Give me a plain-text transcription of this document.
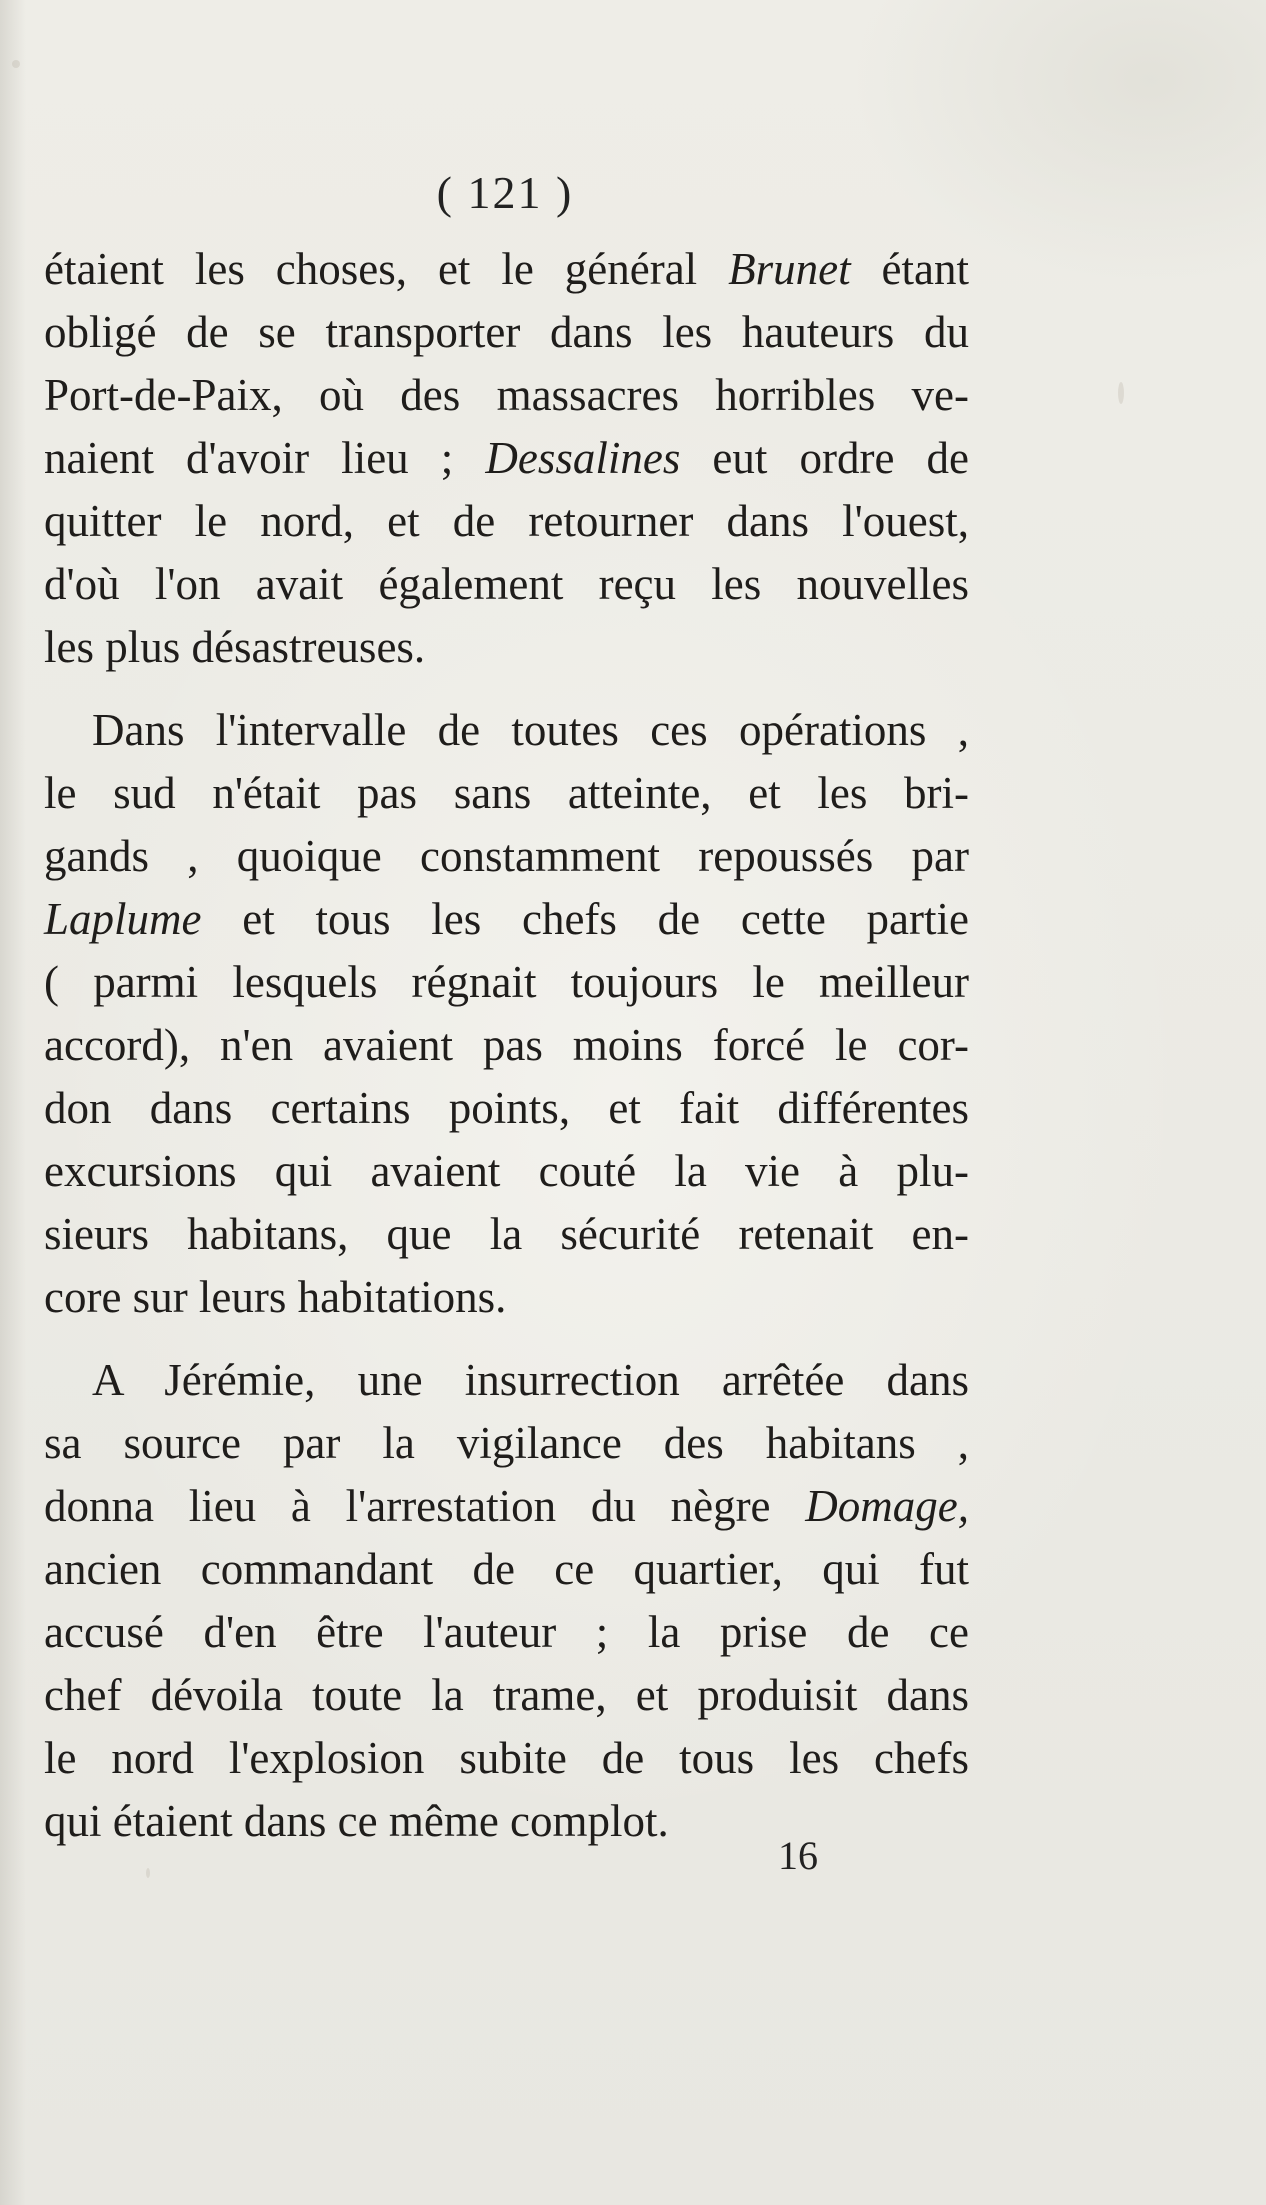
( 121 )
étaient les choses, et le général Brunet étant
obligé de se transporter dans les hauteurs du
Port-de-Paix, où des massacres horribles ve-
naient d'avoir lieu ; Dessalines eut ordre de
quitter le nord, et de retourner dans l'ouest,
d'où l'on avait également reçu les nouvelles
les plus désastreuses.
Dans l'intervalle de toutes ces opérations ,
le sud n'était pas sans atteinte, et les bri-
gands , quoique constamment repoussés par
Laplume et tous les chefs de cette partie
( parmi lesquels régnait toujours le meilleur
accord), n'en avaient pas moins forcé le cor-
don dans certains points, et fait différentes
excursions qui avaient couté la vie à plu-
sieurs habitans, que la sécurité retenait en-
core sur leurs habitations.
A Jérémie, une insurrection arrêtée dans
sa source par la vigilance des habitans ,
donna lieu à l'arrestation du nègre Domage,
ancien commandant de ce quartier, qui fut
accusé d'en être l'auteur ; la prise de ce
chef dévoila toute la trame, et produisit dans
le nord l'explosion subite de tous les chefs
qui étaient dans ce même complot.
16
